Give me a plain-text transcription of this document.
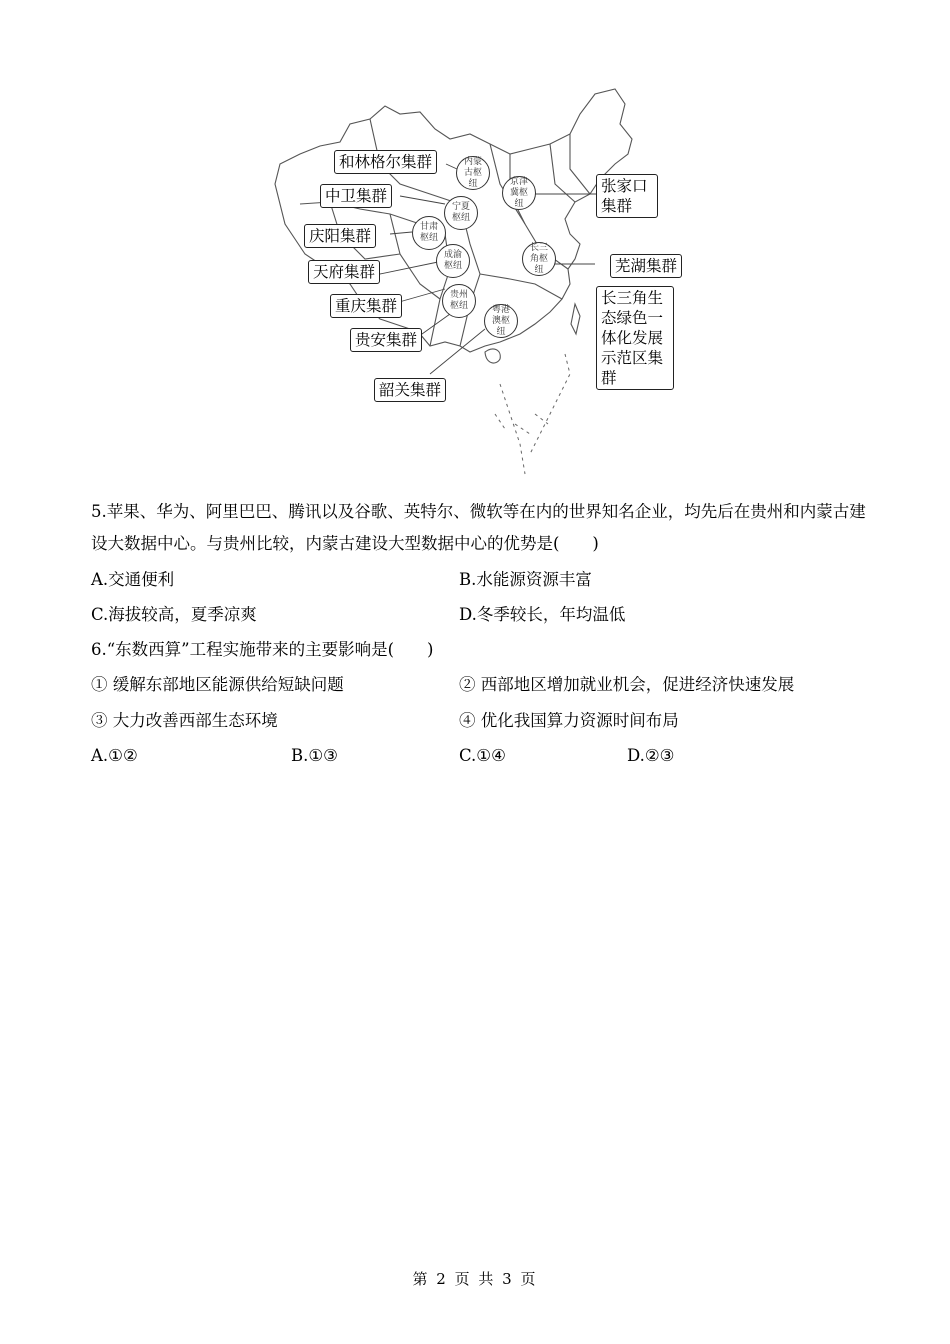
和林格尔集群
中卫集群
庆阳集群
天府集群
重庆集群
贵安集群
韶关集群
张家口集群
芜湖集群
长三角生态绿色一体化发展示范区集群
内蒙古枢纽	京津冀枢纽
宁夏枢纽
甘肃枢纽
成渝枢纽
长三角枢纽
贵州枢纽	粤港澳枢纽
5.苹果、华为、阿里巴巴、腾讯以及谷歌、英特尔、微软等在内的世界知名企业，均先后在贵州和内蒙古建设大数据中心。与贵州比较，内蒙古建设大型数据中心的优势是(　　)
A.交通便利	B.水能源资源丰富
C.海拔较高，夏季凉爽	D.冬季较长，年均温低
6.“东数西算”工程实施带来的主要影响是(　　)
① 缓解东部地区能源供给短缺问题	② 西部地区增加就业机会，促进经济快速发展
③ 大力改善西部生态环境	④ 优化我国算力资源时间布局
A.①②	B.①③	C.①④	D.②③
第 2 页 共 3 页
